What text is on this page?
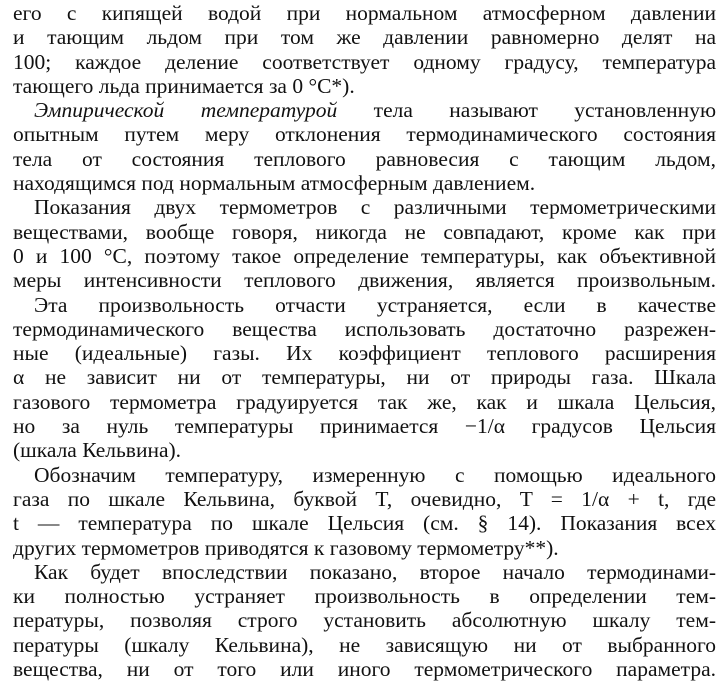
его с кипящей водой при нормальном атмосферном давлении
и тающим льдом при том же давлении равномерно делят на
100; каждое деление соответствует одному градусу, температура
тающего льда принимается за 0 °С*).
Эмпирической температурой тела называют установленную
опытным путем меру отклонения термодинамического состояния
тела от состояния теплового равновесия с тающим льдом,
находящимся под нормальным атмосферным давлением.
Показания двух термометров с различными термометрическими
веществами, вообще говоря, никогда не совпадают, кроме как при
0 и 100 °С, поэтому такое определение температуры, как объективной
меры интенсивности теплового движения, является произвольным.
Эта произвольность отчасти устраняется, если в качестве
термодинамического вещества использовать достаточно разрежен-
ные (идеальные) газы. Их коэффициент теплового расширения
α не зависит ни от температуры, ни от природы газа. Шкала
газового термометра градуируется так же, как и шкала Цельсия,
но за нуль температуры принимается −1/α градусов Цельсия
(шкала Кельвина).
Обозначим температуру, измеренную с помощью идеального
газа по шкале Кельвина, буквой T, очевидно, T = 1/α + t, где
t — температура по шкале Цельсия (см. § 14). Показания всех
других термометров приводятся к газовому термометру**).
Как будет впоследствии показано, второе начало термодинами-
ки полностью устраняет произвольность в определении тем-
пературы, позволяя строго установить абсолютную шкалу тем-
пературы (шкалу Кельвина), не зависящую ни от выбранного
вещества, ни от того или иного термометрического параметра.
